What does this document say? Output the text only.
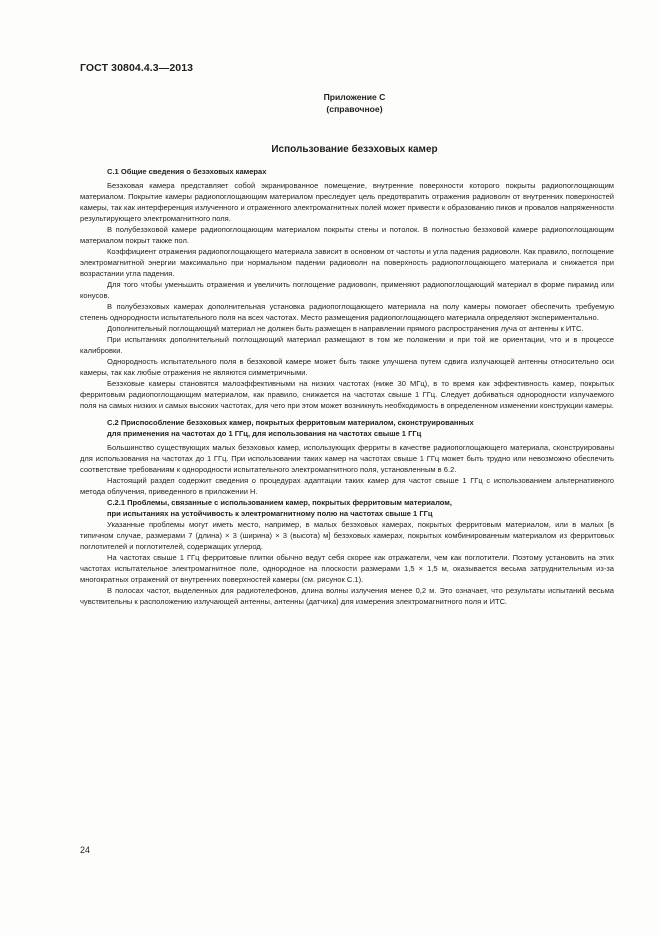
ГОСТ 30804.4.3—2013
Приложение С
(справочное)
Использование безэховых камер
С.1 Общие сведения о безэховых камерах

Безэховая камера представляет собой экранированное помещение, внутренние поверхности которого покрыты радиопоглощающим материалом. Покрытие камеры радиопоглощающим материалом преследует цель предотвратить отражения радиоволн от внутренних поверхностей камеры, так как интерференция излученного и отраженного электромагнитных полей может привести к образованию пиков и провалов напряженности результирующего электромагнитного поля.

В полубезэховой камере радиопоглощающим материалом покрыты стены и потолок. В полностью безэховой камере радиопоглощающим материалом покрыт также пол.

Коэффициент отражения радиопоглощающего материала зависит в основном от частоты и угла падения радиоволн. Как правило, поглощение электромагнитной энергии максимально при нормальном падении радиоволн на поверхность радиопоглощающего материала и снижается при возрастании угла падения.

Для того чтобы уменьшить отражения и увеличить поглощение радиоволн, применяют радиопоглощающий материал в форме пирамид или конусов.

В полубезэховых камерах дополнительная установка радиопоглощающего материала на полу камеры помогает обеспечить требуемую степень однородности испытательного поля на всех частотах. Место размещения радиопоглощающего материала определяют экспериментально.

Дополнительный поглощающий материал не должен быть размещен в направлении прямого распространения луча от антенны к ИТС.

При испытаниях дополнительный поглощающий материал размещают в том же положении и при той же ориентации, что и в процессе калибровки.

Однородность испытательного поля в безэховой камере может быть также улучшена путем сдвига излучающей антенны относительно оси камеры, так как любые отражения не являются симметричными.

Безэховые камеры становятся малоэффективными на низких частотах (ниже 30 МГц), в то время как эффективность камер, покрытых ферритовым радиопоглощающим материалом, как правило, снижается на частотах свыше 1 ГГц. Следует добиваться однородности излучаемого поля на самых низких и самых высоких частотах, для чего при этом может возникнуть необходимость в определенном изменении конструкции камеры.

С.2 Приспособление безэховых камер, покрытых ферритовым материалом, сконструированных
для применения на частотах до 1 ГГц, для использования на частотах свыше 1 ГГц

Большинство существующих малых безэховых камер, использующих ферриты в качестве радиопоглощающего материала, сконструированы для использования на частотах до 1 ГГц. При использовании таких камер на частотах свыше 1 ГГц может быть трудно или невозможно обеспечить соответствие требованиям к однородности испытательного электромагнитного поля, установленным в 6.2.

Настоящий раздел содержит сведения о процедурах адаптации таких камер для частот свыше 1 ГГц с использованием альтернативного метода облучения, приведенного в приложении Н.

С.2.1 Проблемы, связанные с использованием камер, покрытых ферритовым материалом,
при испытаниях на устойчивость к электромагнитному полю на частотах свыше 1 ГГц

Указанные проблемы могут иметь место, например, в малых безэховых камерах, покрытых ферритовым материалом, или в малых [в типичном случае, размерами 7 (длина) × 3 (ширина) × 3 (высота) м] безэховых камерах, покрытых комбинированным материалом из ферритовых поглотителей и поглотителей, содержащих углерод.

На частотах свыше 1 ГГц ферритовые плитки обычно ведут себя скорее как отражатели, чем как поглотители. Поэтому установить на этих частотах испытательное электромагнитное поле, однородное на плоскости размерами 1,5 × 1,5 м, оказывается весьма затруднительным из-за многократных отражений от внутренних поверхностей камеры (см. рисунок С.1).

В полосах частот, выделенных для радиотелефонов, длина волны излучения менее 0,2 м. Это означает, что результаты испытаний весьма чувствительны к расположению излучающей антенны, антенны (датчика) для измерения электромагнитного поля и ИТС.

24
